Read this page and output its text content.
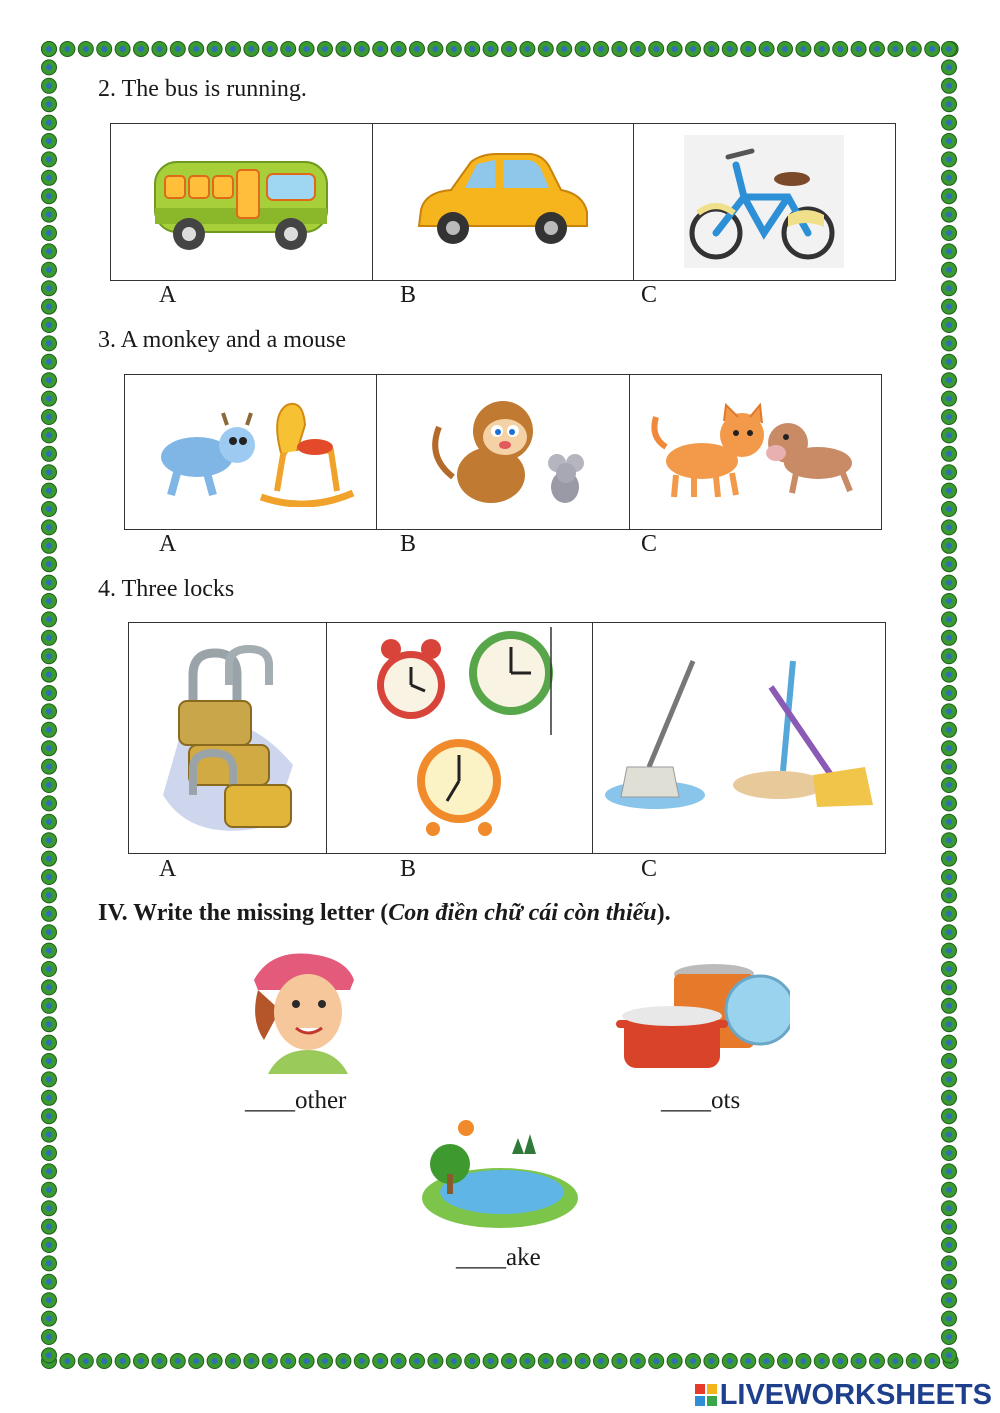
2. The bus is running.
A	B	C
3. A monkey and a mouse
A	B	C
4. Three locks
A	B	C
IV. Write the missing letter (Con điền chữ cái còn thiếu).
____other	____ots
____ake
LIVEWORKSHEETS
